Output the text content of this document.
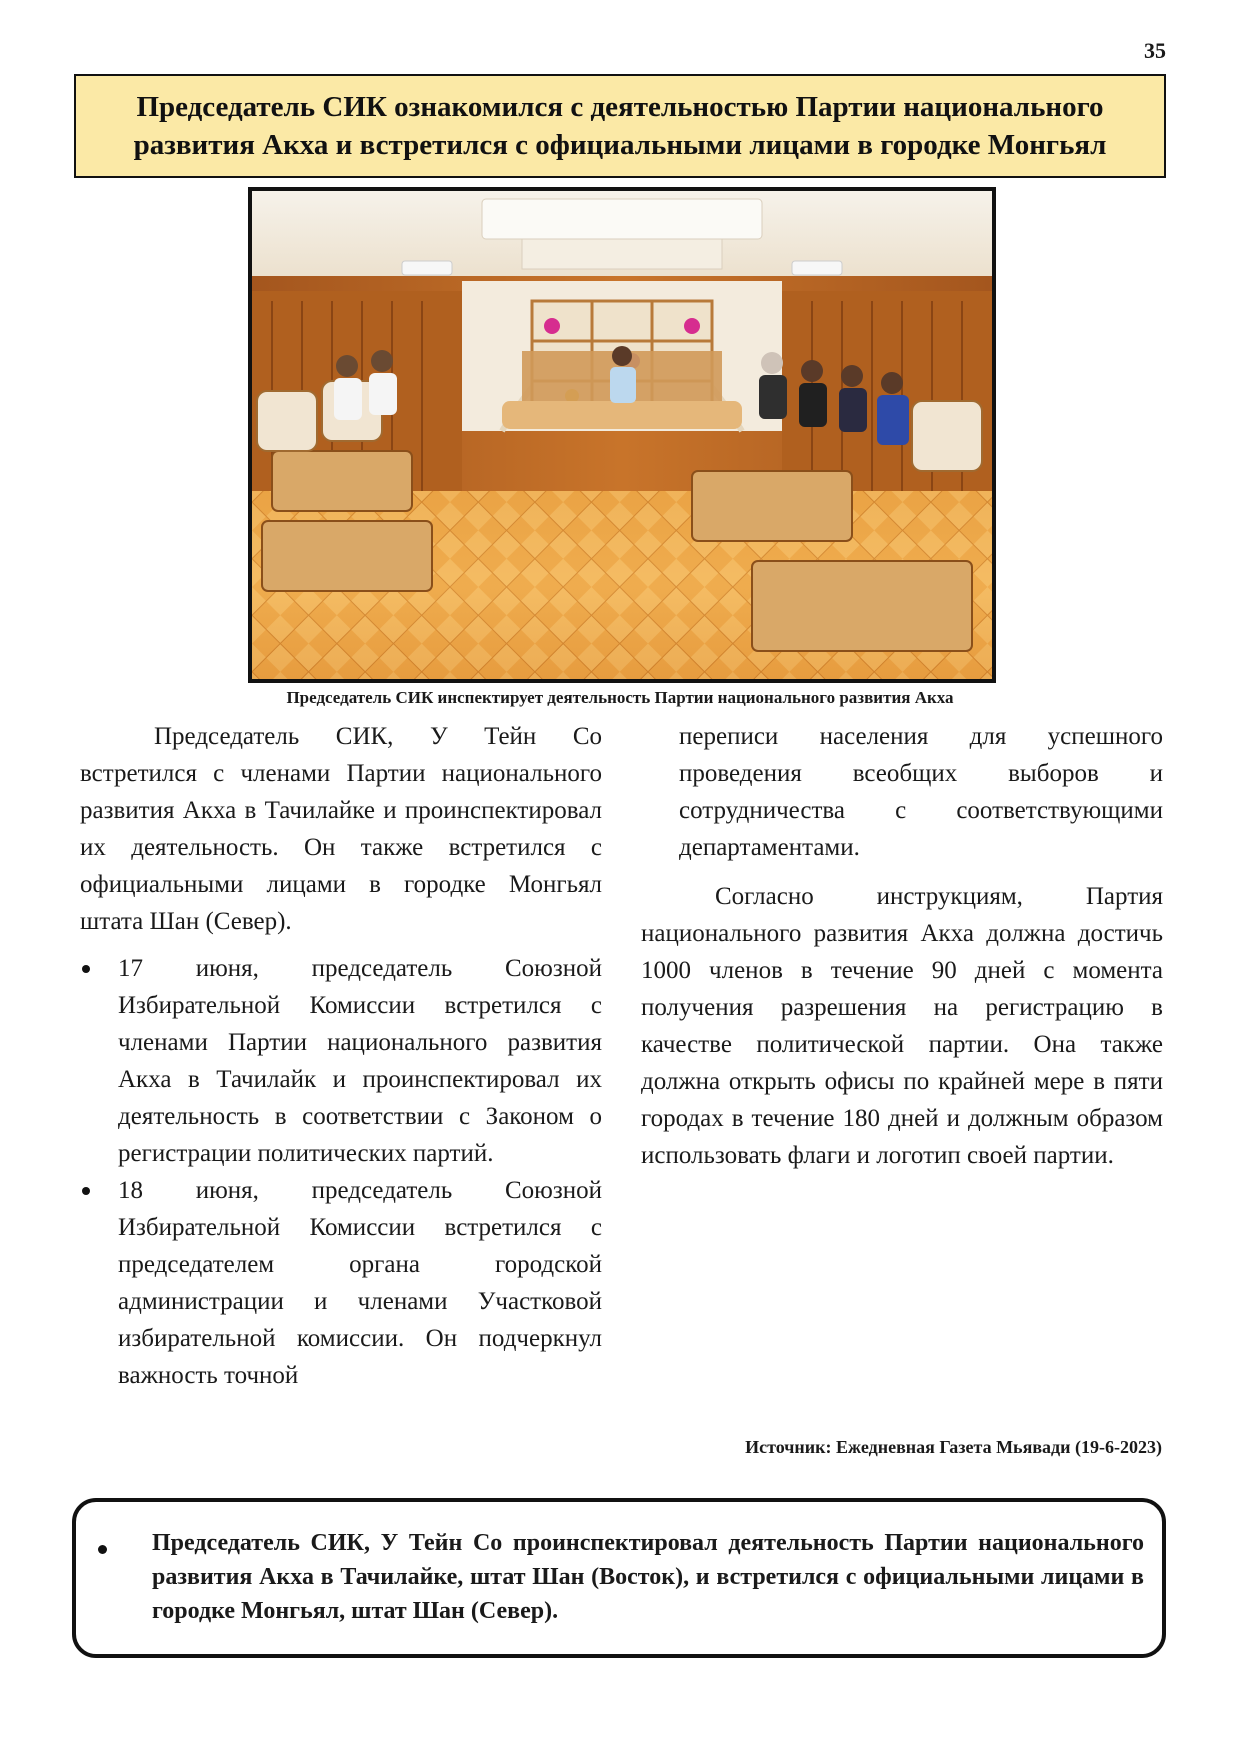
35
Председатель СИК ознакомился с деятельностью Партии национального
развития Акха и встретился с официальными лицами в городке Монгьял
Председатель СИК инспектирует деятельность Партии национального развития Акха

Председатель СИК, У Тейн Со встретился с членами Партии национального развития Акха в Тачилайке и проинспектировал их деятельность. Он также встретился с официальными лицами в городке Монгьял штата Шан (Север).

17 июня, председатель Союзной Избирательной Комиссии встретился с членами Партии национального развития Акха в Тачилайк и проинспектировал их деятельность в соответствии с Законом о регистрации политических партий.
18 июня, председатель Союзной Избирательной Комиссии встретился с председателем органа городской администрации и членами Участковой избирательной комиссии. Он подчеркнул важность точной

переписи населения для успешного проведения всеобщих выборов и сотрудничества с соответствующими департаментами.

Согласно инструкциям, Партия национального развития Акха должна достичь 1000 членов в течение 90 дней с момента получения разрешения на регистрацию в качестве политической партии. Она также должна открыть офисы по крайней мере в пяти городах в течение 180 дней и должным образом использовать флаги и логотип своей партии.

Источник: Ежедневная Газета Мьявади (19-6-2023)

Председатель СИК, У Тейн Со проинспектировал деятельность Партии национального развития Акха в Тачилайке, штат Шан (Восток), и встретился с официальными лицами в городке Монгьял, штат Шан (Север).
